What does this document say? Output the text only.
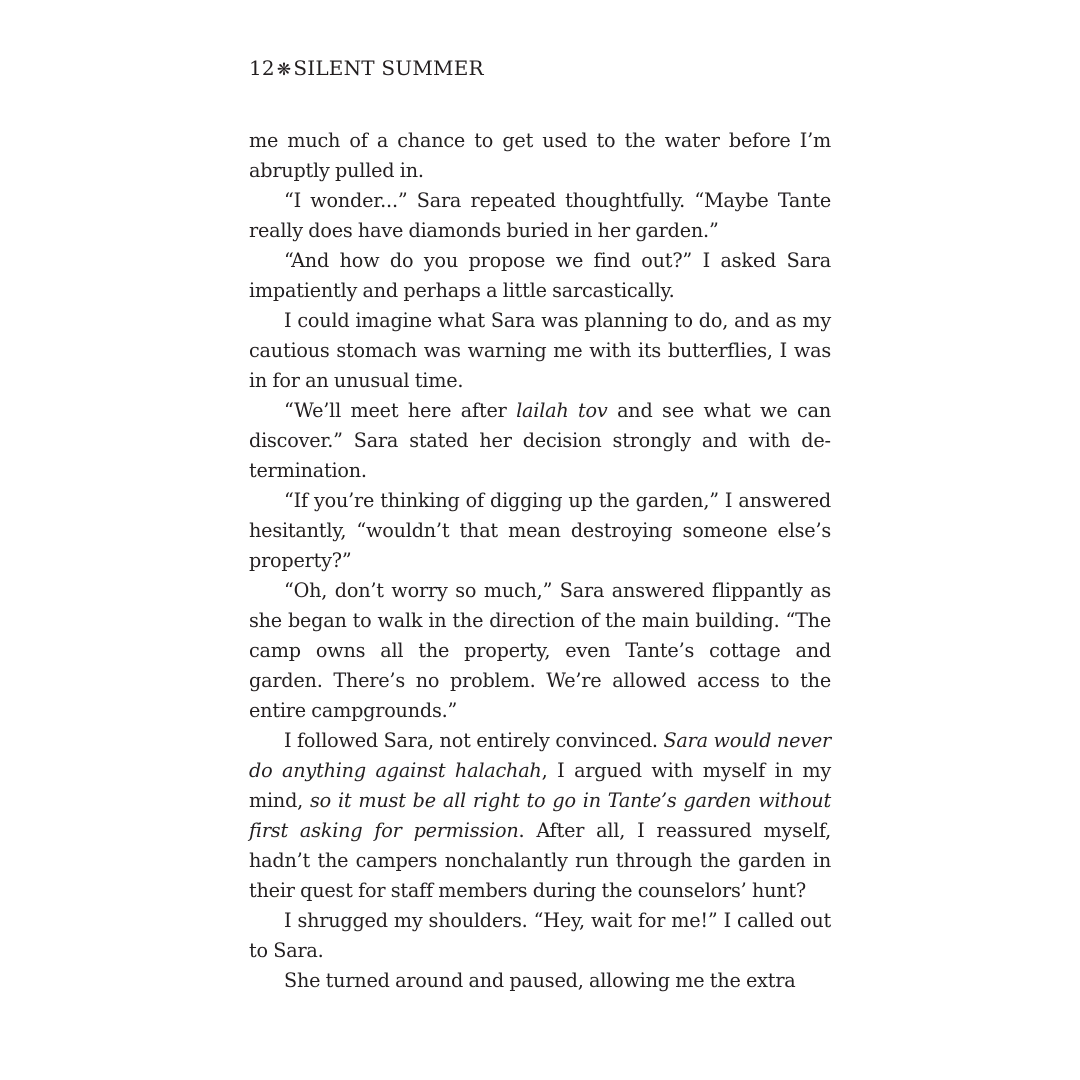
12 ❋ SILENT SUMMER

me much of a chance to get used to the water before I’m abruptly pulled in.

“I wonder...” Sara repeated thoughtfully. “Maybe Tante really does have diamonds buried in her garden.”

“And how do you propose we find out?” I asked Sara impatiently and perhaps a little sarcastically.

I could imagine what Sara was planning to do, and as my cautious stomach was warning me with its butterflies, I was in for an unusual time.

“We’ll meet here after lailah tov and see what we can discover.” Sara stated her decision strongly and with determination.

“If you’re thinking of digging up the garden,” I answered hesitantly, “wouldn’t that mean destroying someone else’s property?”

“Oh, don’t worry so much,” Sara answered flippantly as she began to walk in the direction of the main building. “The camp owns all the property, even Tante’s cottage and garden. There’s no problem. We’re allowed access to the entire campgrounds.”

I followed Sara, not entirely convinced. Sara would never do anything against halachah, I argued with myself in my mind, so it must be all right to go in Tante’s garden without first asking for permission. After all, I reassured myself, hadn’t the campers nonchalantly run through the garden in their quest for staff members during the counselors’ hunt?

I shrugged my shoulders. “Hey, wait for me!” I called out to Sara.

She turned around and paused, allowing me the extra
